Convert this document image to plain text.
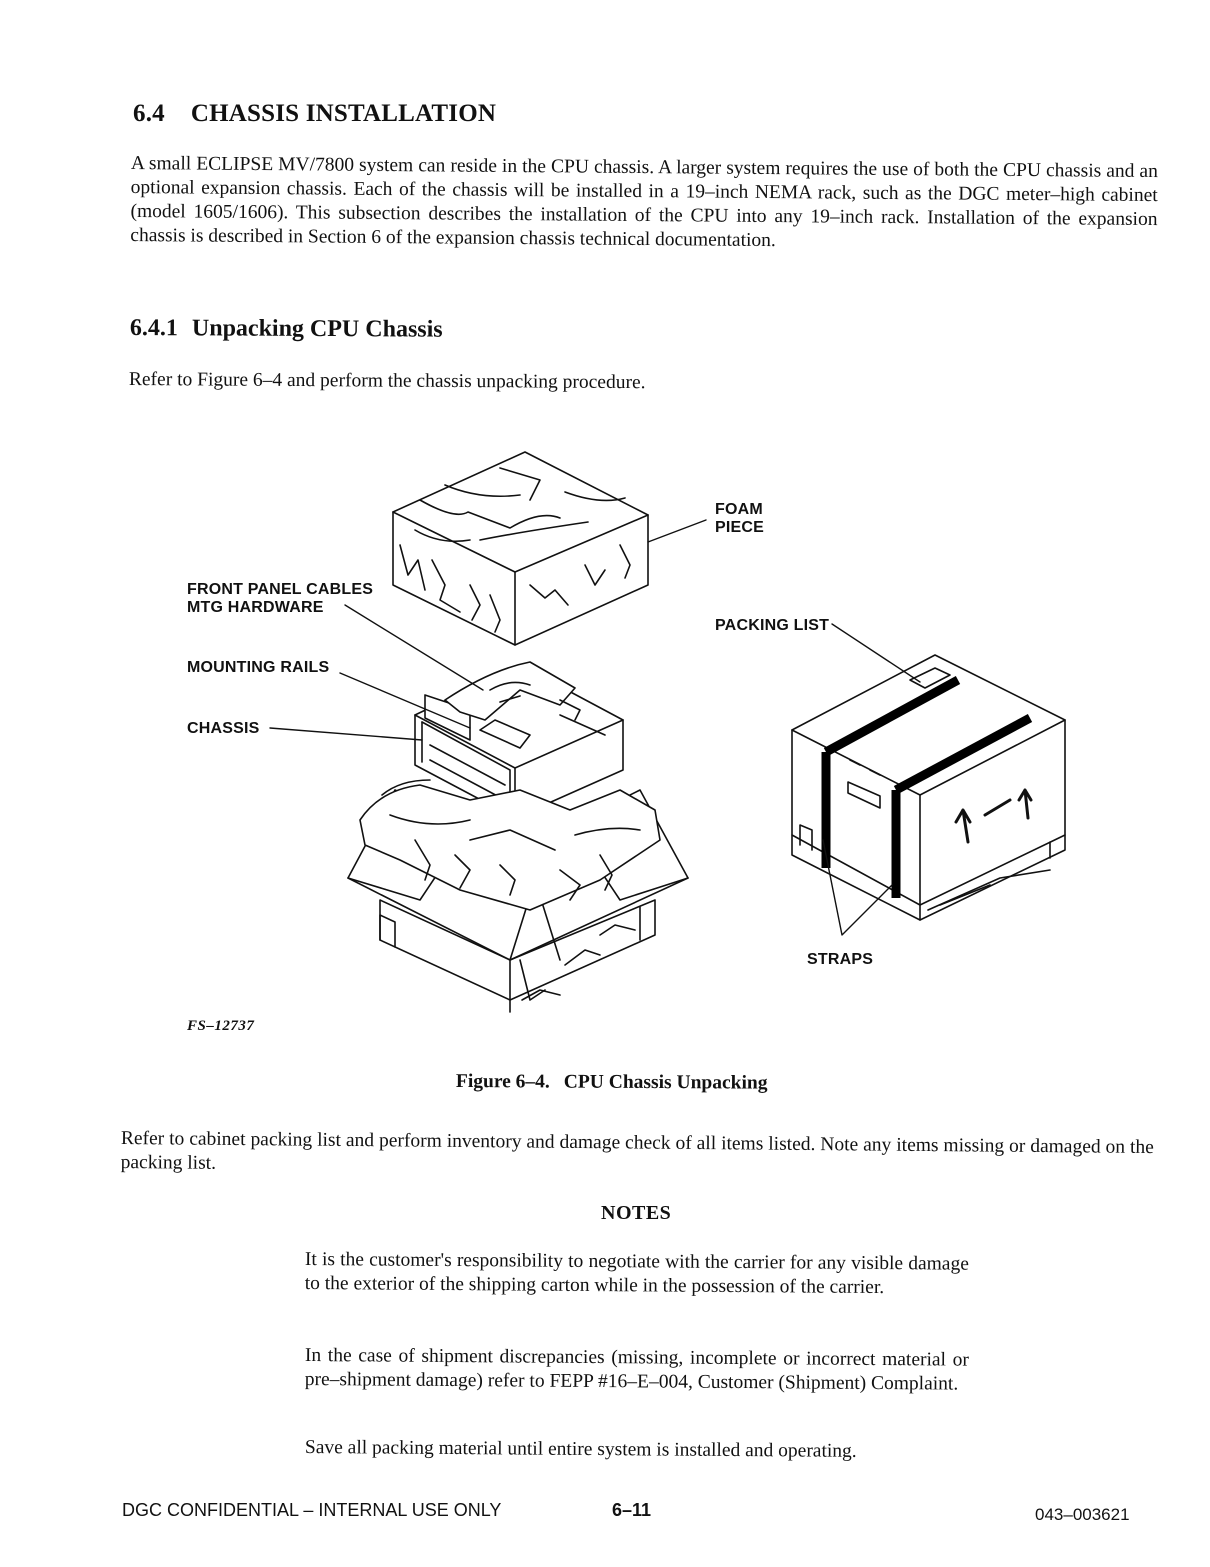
6.4 CHASSIS INSTALLATION
A small ECLIPSE MV/7800 system can reside in the CPU chassis. A larger system requires the use of both the CPU chassis and an optional expansion chassis. Each of the chassis will be installed in a 19–inch NEMA rack, such as the DGC meter–high cabinet (model 1605/1606). This subsection describes the installation of the CPU into any 19–inch rack. Installation of the expansion chassis is described in Section 6 of the expansion chassis technical documentation.
6.4.1 Unpacking CPU Chassis
Refer to Figure 6–4 and perform the chassis unpacking procedure.
FOAM
PIECE
FRONT PANEL CABLES
MTG HARDWARE
MOUNTING RAILS
CHASSIS
PACKING LIST
STRAPS
FS–12737
Figure 6–4. CPU Chassis Unpacking
Refer to cabinet packing list and perform inventory and damage check of all items listed. Note any items missing or damaged on the packing list.
NOTES
It is the customer's responsibility to negotiate with the carrier for any visible damage to the exterior of the shipping carton while in the possession of the carrier.
In the case of shipment discrepancies (missing, incomplete or incorrect material or pre–shipment damage) refer to FEPP #16–E–004, Customer (Shipment) Complaint.
Save all packing material until entire system is installed and operating.
DGC CONFIDENTIAL – INTERNAL USE ONLY	6–11	043–003621
